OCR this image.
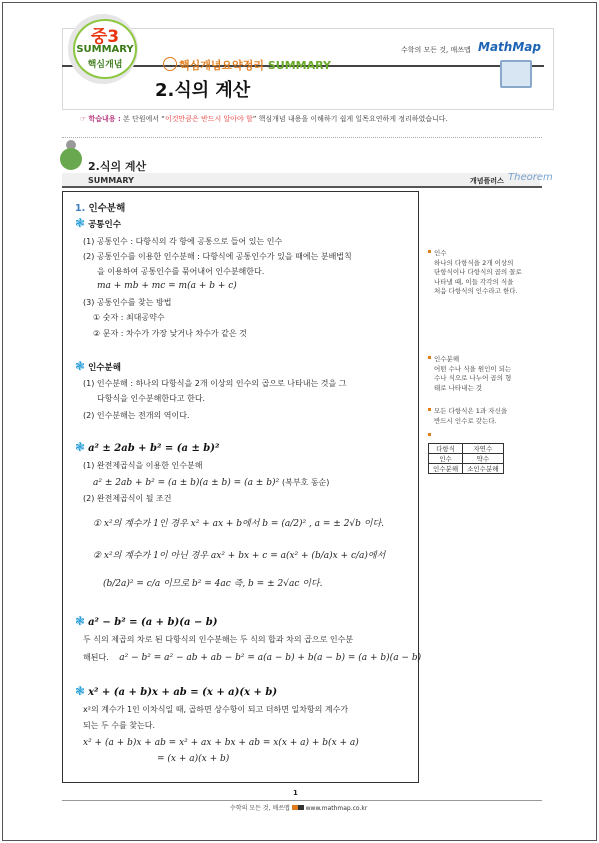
중3
SUMMARY
핵심개념	핵심개념요약정리 SUMMARY
2.식의 계산
수학의 모든 것, 매쓰맵 MathMap
☞ 학습내용 : 본 단원에서 “이것만큼은 반드시 알아야 할” 핵심개념 내용을 이해하기 쉽게 일목요연하게 정리하였습니다.
2.식의 계산
SUMMARY	개념플러스 Theorem
1. 인수분해
❃ 공통인수
(1) 공통인수 : 다항식의 각 항에 공통으로 들어 있는 인수
(2) 공통인수를 이용한 인수분해 : 다항식에 공통인수가 있을 때에는 분배법칙
을 이용하여 공통인수를 묶어내어 인수분해한다.
ma + mb + mc = m(a + b + c)
(3) 공통인수를 찾는 방법
① 숫자 : 최대공약수
② 문자 : 차수가 가장 낮거나 차수가 같은 것
❃ 인수분해
(1) 인수분해 : 하나의 다항식을 2개 이상의 인수의 곱으로 나타내는 것을 그
다항식을 인수분해한다고 한다.
(2) 인수분해는 전개의 역이다.
❃ a² ± 2ab + b² = (a ± b)²
(1) 완전제곱식을 이용한 인수분해
a² ± 2ab + b² = (a ± b)(a ± b) = (a ± b)² (복부호 동순)
(2) 완전제곱식이 될 조건
① x²의 계수가 1인 경우 x² + ax + b에서 b = (a/2)² , a = ± 2√b 이다.
② x²의 계수가 1이 아닌 경우 ax² + bx + c = a(x² + (b/a)x + c/a)에서
(b/2a)² = c/a 이므로 b² = 4ac 즉, b = ± 2√ac 이다.
❃ a² − b² = (a + b)(a − b)
두 식의 제곱의 차로 된 다항식의 인수분해는 두 식의 합과 차의 곱으로 인수분
해된다. a² − b² = a² − ab + ab − b² = a(a − b) + b(a − b) = (a + b)(a − b)
❃ x² + (a + b)x + ab = (x + a)(x + b)
x²의 계수가 1인 이차식일 때, 곱하면 상수항이 되고 더하면 일차항의 계수가
되는 두 수를 찾는다.
x² + (a + b)x + ab = x² + ax + bx + ab = x(x + a) + b(x + a)
= (x + a)(x + b)
인수
하나의 다항식을 2개 이상의
단항식이나 다항식의 곱의 꼴로
나타낼 때, 이들 각각의 식을
처음 다항식의 인수라고 한다.
인수분해
어떤 수나 식을 원인이 되는
수나 식으로 나누어 곱의 형
태로 나타내는 것
모든 다항식은 1과 자신을
반드시 인수로 갖는다.
다항식	자연수
인수	약수
인수분해	소인수분해
1
수학의 모든 것, 매쓰맵	www.mathmap.co.kr
